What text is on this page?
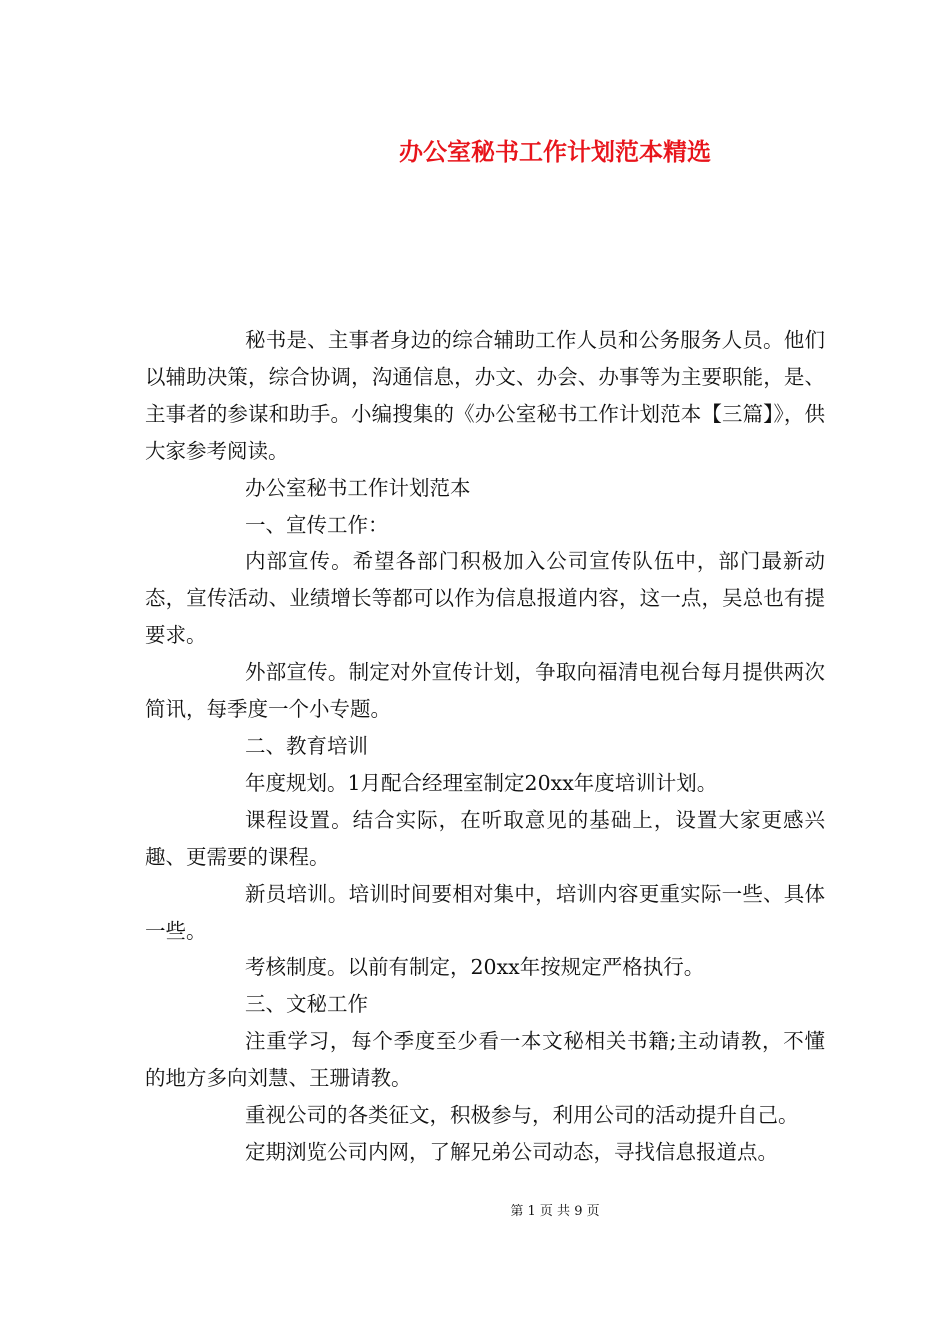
办公室秘书工作计划范本精选

秘书是、主事者身边的综合辅助工作人员和公务服务人员。他们以辅助决策，综合协调，沟通信息，办文、办会、办事等为主要职能，是、主事者的参谋和助手。小编搜集的《办公室秘书工作计划范本【三篇】》，供大家参考阅读。

办公室秘书工作计划范本

一、宣传工作：

内部宣传。希望各部门积极加入公司宣传队伍中，部门最新动态，宣传活动、业绩增长等都可以作为信息报道内容，这一点，吴总也有提要求。

外部宣传。制定对外宣传计划，争取向福清电视台每月提供两次简讯，每季度一个小专题。

二、教育培训

年度规划。1月配合经理室制定20xx年度培训计划。

课程设置。结合实际，在听取意见的基础上，设置大家更感兴趣、更需要的课程。

新员培训。培训时间要相对集中，培训内容更重实际一些、具体一些。

考核制度。以前有制定，20xx年按规定严格执行。

三、文秘工作

注重学习，每个季度至少看一本文秘相关书籍;主动请教，不懂的地方多向刘慧、王珊请教。

重视公司的各类征文，积极参与，利用公司的活动提升自己。

定期浏览公司内网，了解兄弟公司动态，寻找信息报道点。

第 1 页 共 9 页
